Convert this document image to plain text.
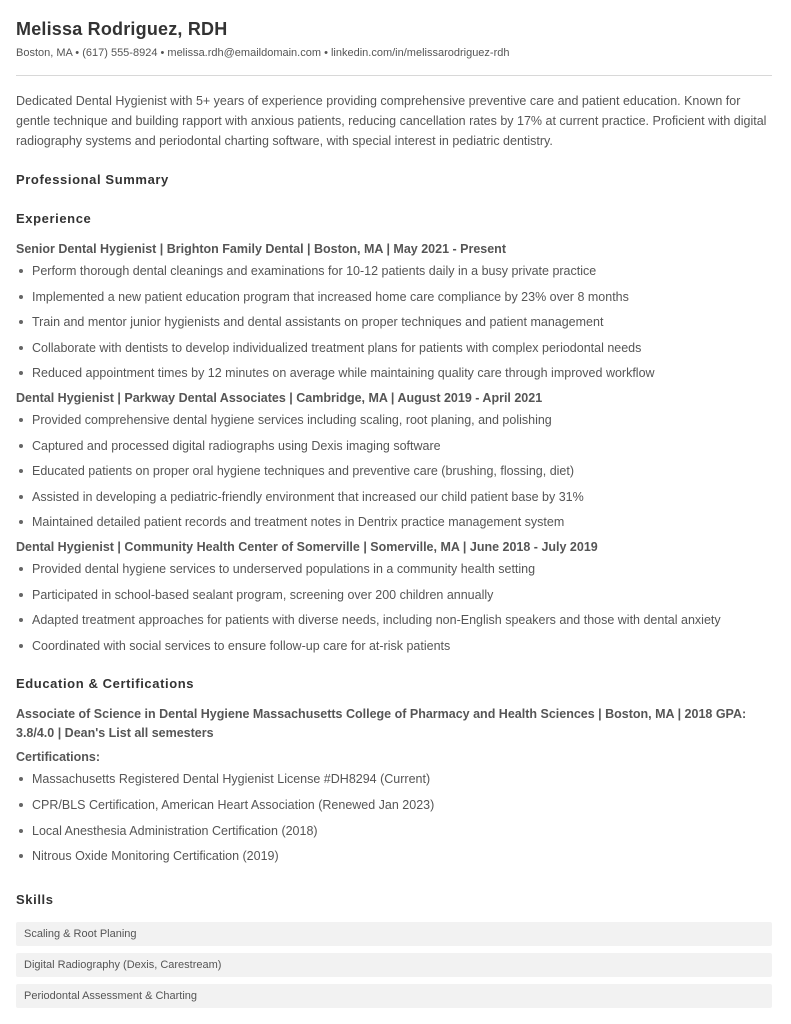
Melissa Rodriguez, RDH
Boston, MA • (617) 555-8924 • melissa.rdh@emaildomain.com • linkedin.com/in/melissarodriguez-rdh

Dedicated Dental Hygienist with 5+ years of experience providing comprehensive preventive care and patient education. Known for gentle technique and building rapport with anxious patients, reducing cancellation rates by 17% at current practice. Proficient with digital radiography systems and periodontal charting software, with special interest in pediatric dentistry.

Professional Summary
Experience
Senior Dental Hygienist | Brighton Family Dental | Boston, MA | May 2021 - Present
Perform thorough dental cleanings and examinations for 10-12 patients daily in a busy private practice
Implemented a new patient education program that increased home care compliance by 23% over 8 months
Train and mentor junior hygienists and dental assistants on proper techniques and patient management
Collaborate with dentists to develop individualized treatment plans for patients with complex periodontal needs
Reduced appointment times by 12 minutes on average while maintaining quality care through improved workflow
Dental Hygienist | Parkway Dental Associates | Cambridge, MA | August 2019 - April 2021
Provided comprehensive dental hygiene services including scaling, root planing, and polishing
Captured and processed digital radiographs using Dexis imaging software
Educated patients on proper oral hygiene techniques and preventive care (brushing, flossing, diet)
Assisted in developing a pediatric-friendly environment that increased our child patient base by 31%
Maintained detailed patient records and treatment notes in Dentrix practice management system
Dental Hygienist | Community Health Center of Somerville | Somerville, MA | June 2018 - July 2019
Provided dental hygiene services to underserved populations in a community health setting
Participated in school-based sealant program, screening over 200 children annually
Adapted treatment approaches for patients with diverse needs, including non-English speakers and those with dental anxiety
Coordinated with social services to ensure follow-up care for at-risk patients
Education & Certifications
Associate of Science in Dental Hygiene Massachusetts College of Pharmacy and Health Sciences | Boston, MA | 2018 GPA: 3.8/4.0 | Dean's List all semesters
Certifications:
Massachusetts Registered Dental Hygienist License #DH8294 (Current)
CPR/BLS Certification, American Heart Association (Renewed Jan 2023)
Local Anesthesia Administration Certification (2018)
Nitrous Oxide Monitoring Certification (2019)
Skills
Scaling & Root Planing
Digital Radiography (Dexis, Carestream)
Periodontal Assessment & Charting
